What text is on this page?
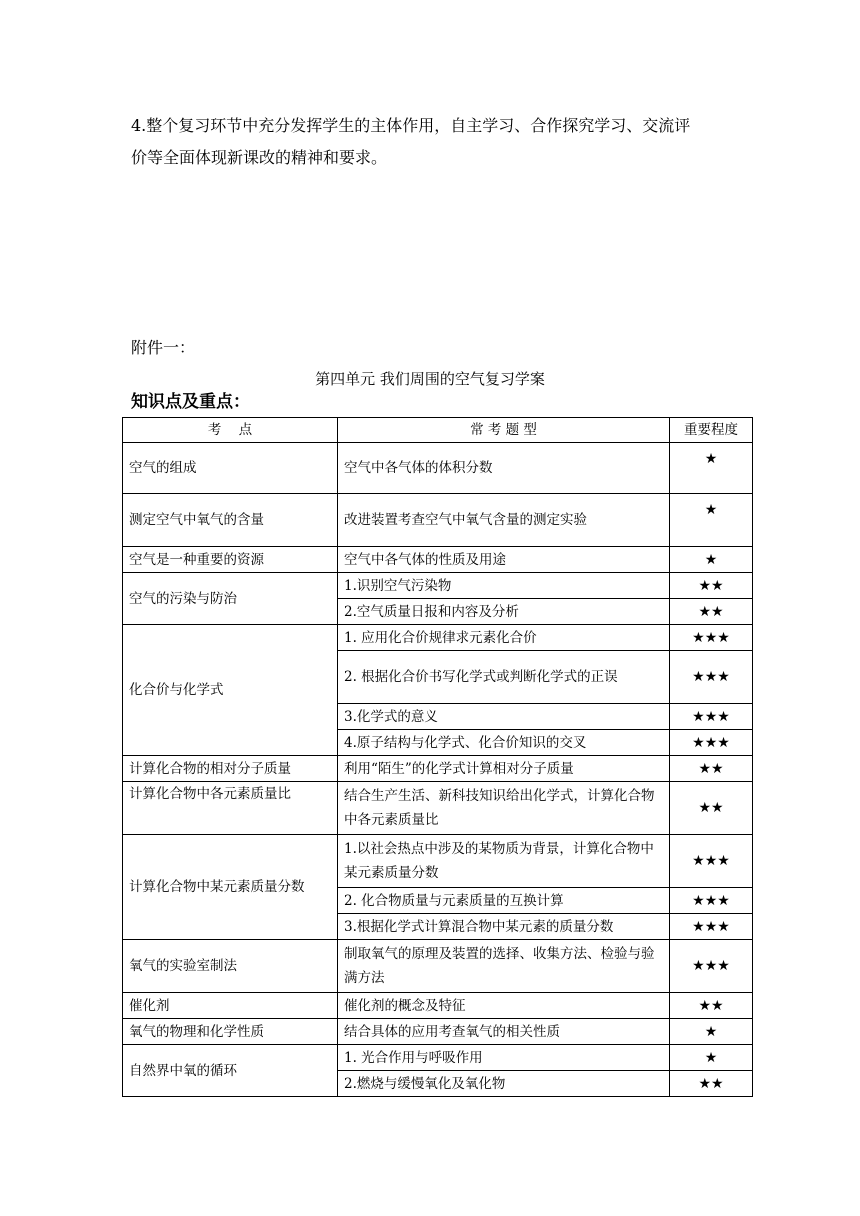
4.整个复习环节中充分发挥学生的主体作用，自主学习、合作探究学习、交流评
价等全面体现新课改的精神和要求。

附件一：

第四单元 我们周围的空气复习学案

知识点及重点：

考    点	常 考 题 型	重要程度
空气的组成	空气中各气体的体积分数	★
测定空气中氧气的含量	改进装置考查空气中氧气含量的测定实验	★
空气是一种重要的资源	空气中各气体的性质及用途	★
空气的污染与防治	1.识别空气污染物	★★
	2.空气质量日报和内容及分析	★★
化合价与化学式	1. 应用化合价规律求元素化合价	★★★
	2. 根据化合价书写化学式或判断化学式的正误	★★★
	3.化学式的意义	★★★
	4.原子结构与化学式、化合价知识的交叉	★★★
计算化合物的相对分子质量	利用“陌生”的化学式计算相对分子质量	★★
计算化合物中各元素质量比	结合生产生活、新科技知识给出化学式，计算化合物中各元素质量比	★★
计算化合物中某元素质量分数	1.以社会热点中涉及的某物质为背景，计算化合物中某元素质量分数	★★★
	2. 化合物质量与元素质量的互换计算	★★★
	3.根据化学式计算混合物中某元素的质量分数	★★★
氧气的实验室制法	制取氧气的原理及装置的选择、收集方法、检验与验满方法	★★★
催化剂	催化剂的概念及特征	★★
氧气的物理和化学性质	结合具体的应用考查氧气的相关性质	★
自然界中氧的循环	1. 光合作用与呼吸作用	★
	2.燃烧与缓慢氧化及氧化物	★★
